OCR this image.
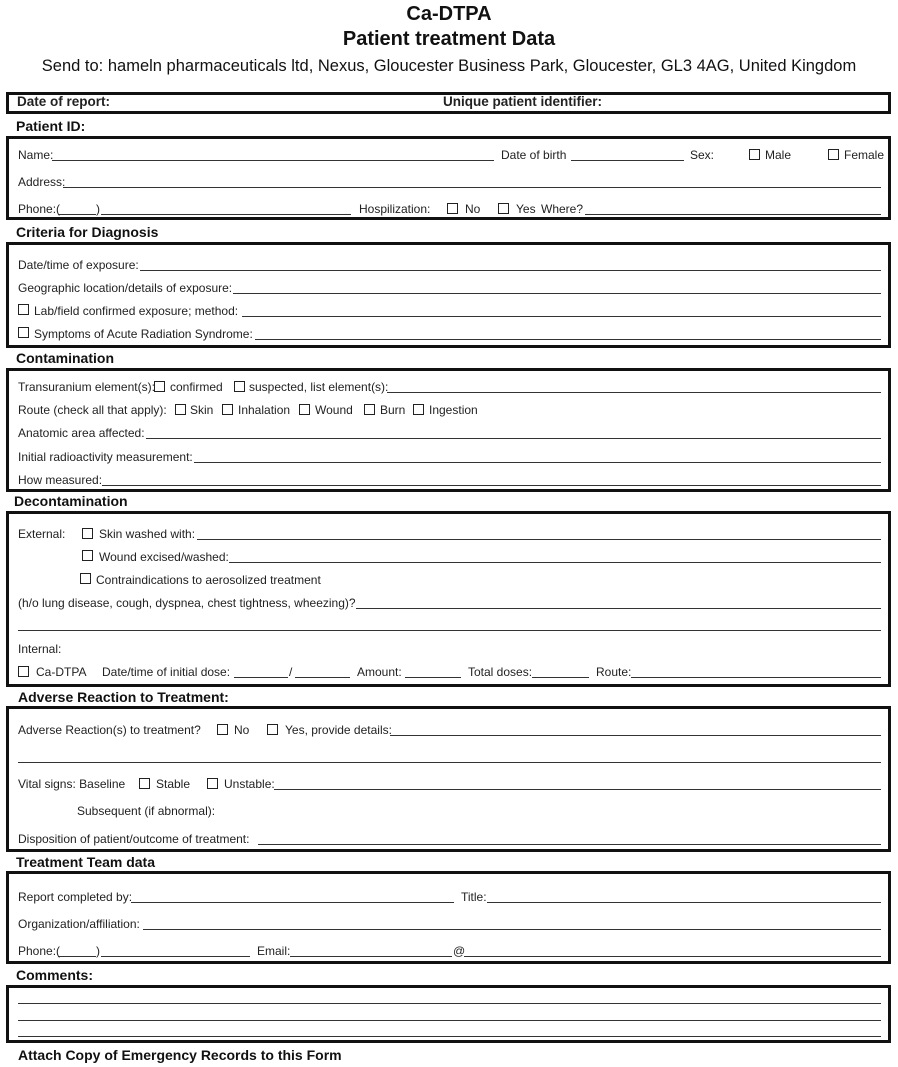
Ca-DTPA
Patient treatment Data
Send to: hameln pharmaceuticals ltd, Nexus, Gloucester Business Park, Gloucester, GL3 4AG, United Kingdom
Date of report:	Unique patient identifier:
Patient ID:
Name:	Date of birth	Sex:	Male	Female
Address:
Phone:(	)	Hospilization:	No	Yes Where?
Criteria for Diagnosis
Date/time of exposure:
Geographic location/details of exposure:
Lab/field confirmed exposure; method:
Symptoms of Acute Radiation Syndrome:
Contamination
Transuranium element(s): confirmed suspected, list element(s):
Route (check all that apply): Skin Inhalation Wound Burn Ingestion
Anatomic area affected:
Initial radioactivity measurement:
How measured:
Decontamination
External:	Skin washed with:
Wound excised/washed:
Contraindications to aerosolized treatment
(h/o lung disease, cough, dyspnea, chest tightness, wheezing)?
Internal:
Ca-DTPA Date/time of initial dose:	/	Amount:	Total doses:	Route:
Adverse Reaction to Treatment:
Adverse Reaction(s) to treatment?	No	Yes, provide details:
Vital signs: Baseline	Stable	Unstable:
Subsequent (if abnormal):
Disposition of patient/outcome of treatment:
Treatment Team data
Report completed by:	Title:
Organization/affiliation:
Phone:(	)	Email:	@
Comments:
Attach Copy of Emergency Records to this Form
